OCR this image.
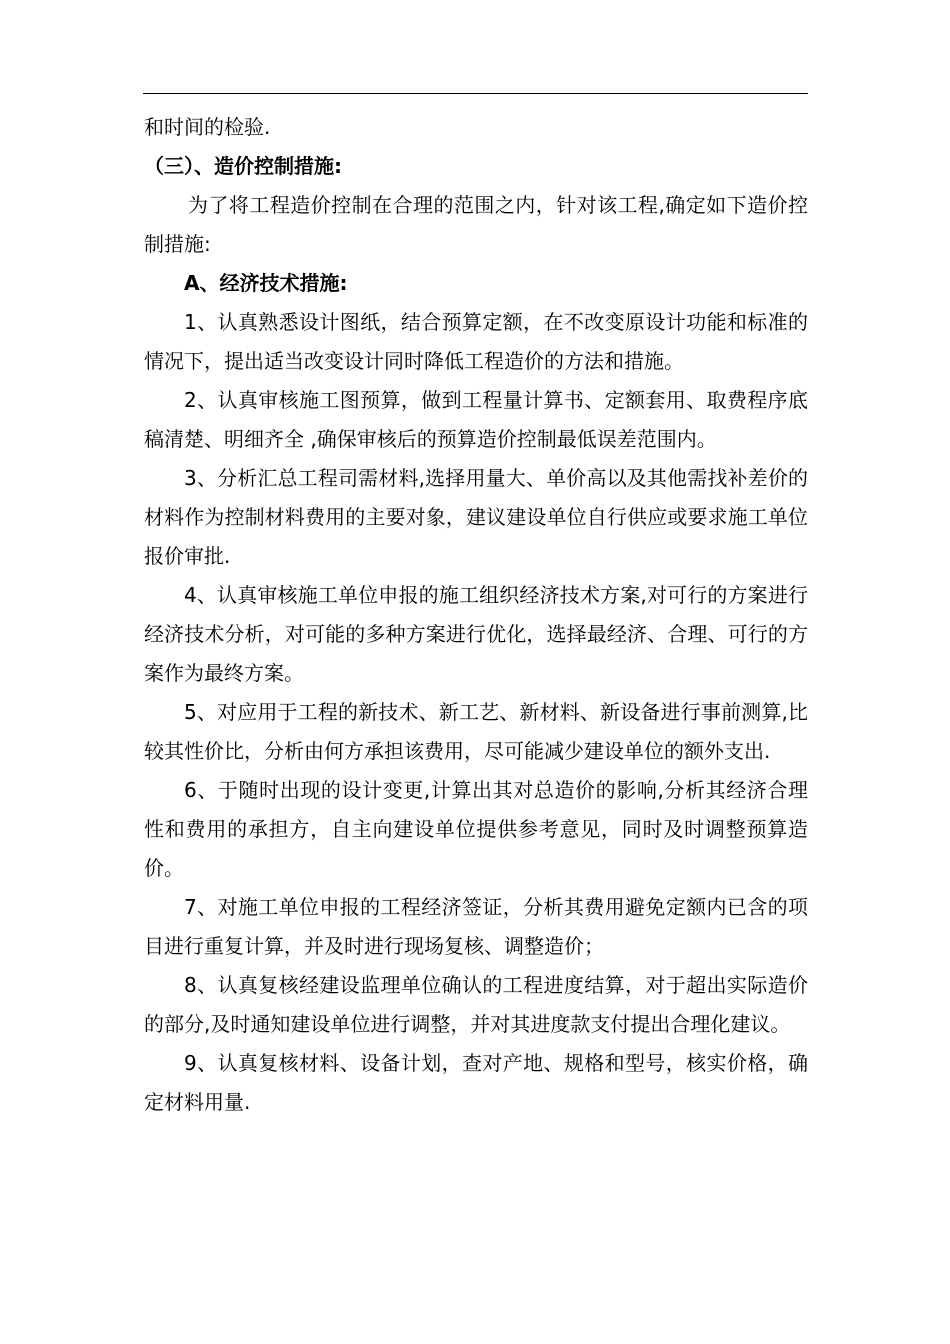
和时间的检验.

（三）、造价控制措施:

为了将工程造价控制在合理的范围之内，针对该工程,确定如下造价控制措施:

A、经济技术措施:

1、认真熟悉设计图纸，结合预算定额，在不改变原设计功能和标准的情况下，提出适当改变设计同时降低工程造价的方法和措施。

2、认真审核施工图预算，做到工程量计算书、定额套用、取费程序底稿清楚、明细齐全 ,确保审核后的预算造价控制最低误差范围内。

3、分析汇总工程司需材料,选择用量大、单价高以及其他需找补差价的材料作为控制材料费用的主要对象，建议建设单位自行供应或要求施工单位报价审批.

4、认真审核施工单位申报的施工组织经济技术方案,对可行的方案进行经济技术分析，对可能的多种方案进行优化，选择最经济、合理、可行的方案作为最终方案。

5、对应用于工程的新技术、新工艺、新材料、新设备进行事前测算,比较其性价比，分析由何方承担该费用，尽可能减少建设单位的额外支出.

6、于随时出现的设计变更,计算出其对总造价的影响,分析其经济合理性和费用的承担方，自主向建设单位提供参考意见，同时及时调整预算造价。

7、对施工单位申报的工程经济签证，分析其费用避免定额内已含的项目进行重复计算，并及时进行现场复核、调整造价；

8、认真复核经建设监理单位确认的工程进度结算，对于超出实际造价的部分,及时通知建设单位进行调整，并对其进度款支付提出合理化建议。

9、认真复核材料、设备计划，查对产地、规格和型号，核实价格，确定材料用量.
